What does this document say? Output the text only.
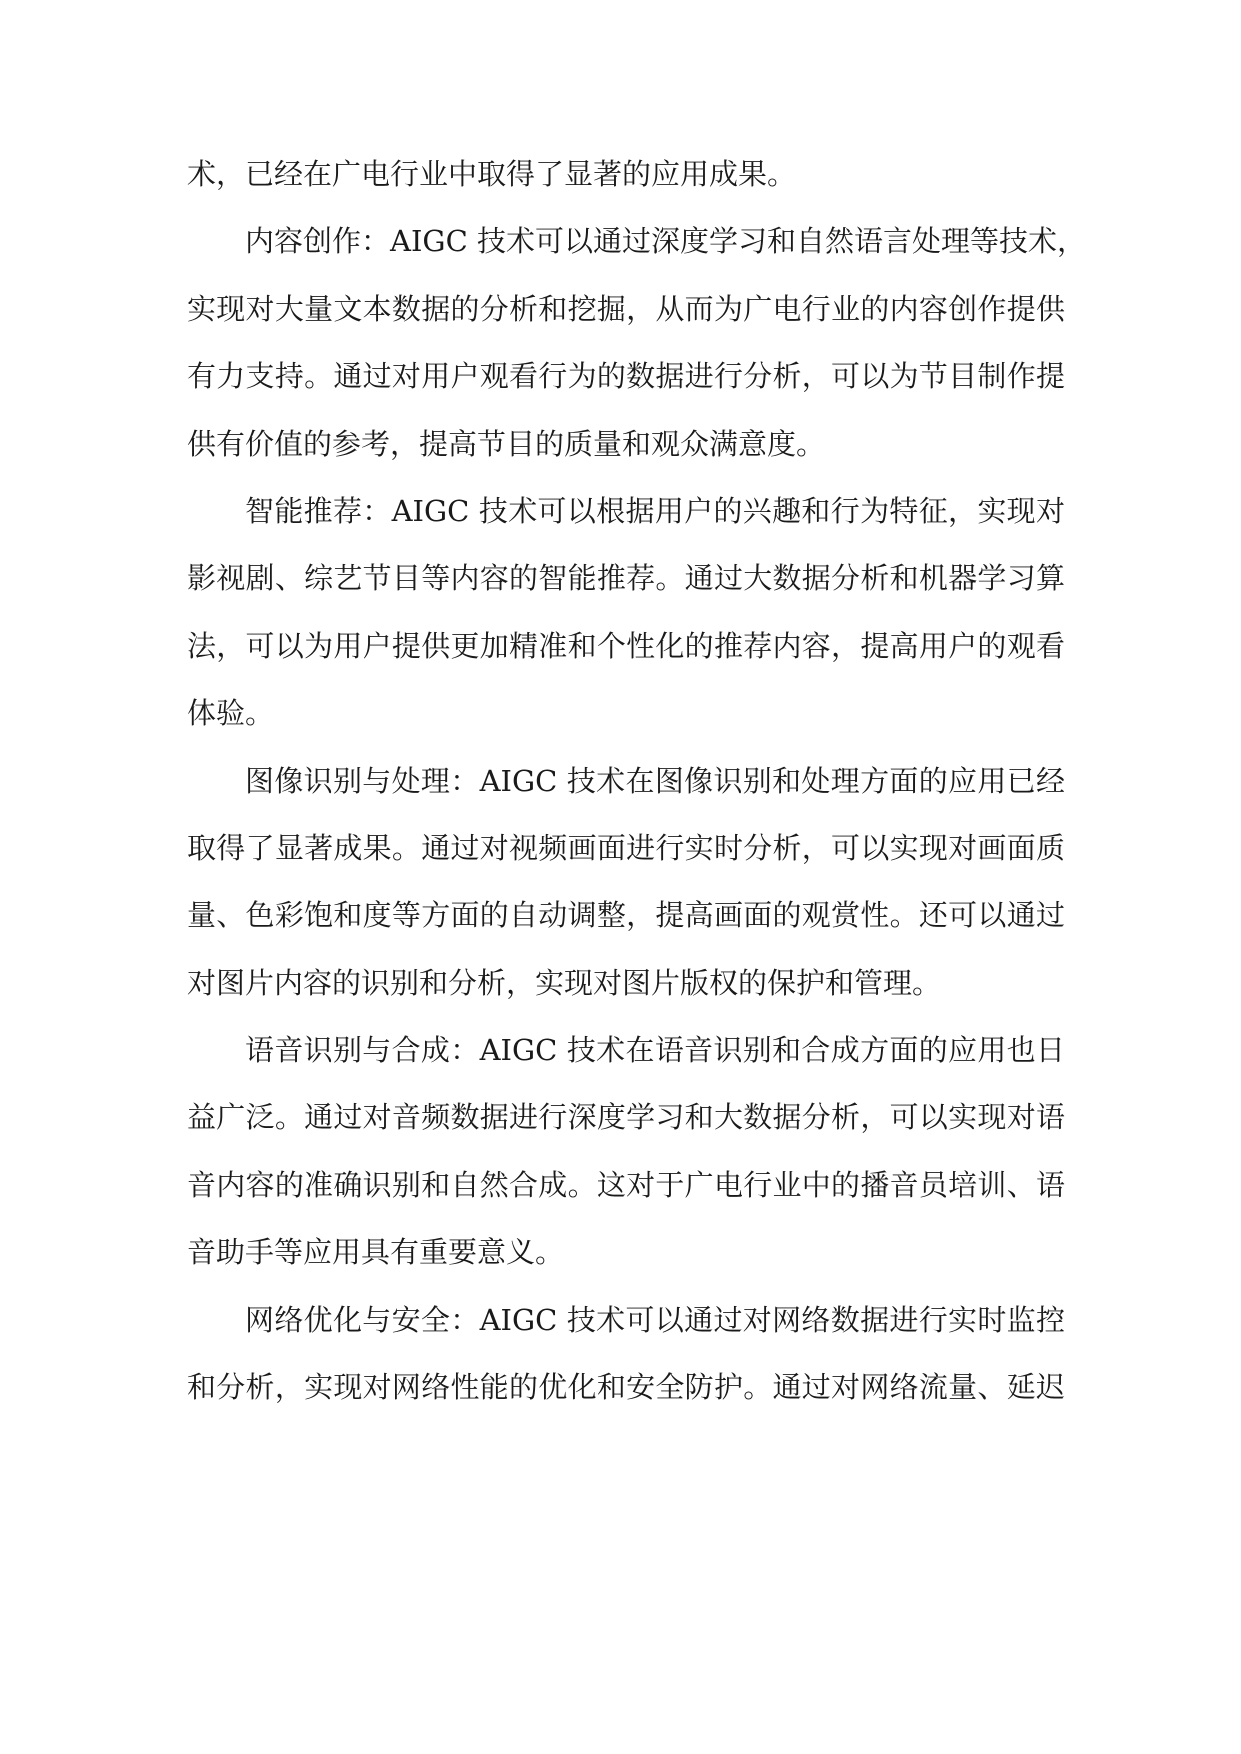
术，已经在广电行业中取得了显著的应用成果。
内容创作：AIGC 技术可以通过深度学习和自然语言处理等技术，
实现对大量文本数据的分析和挖掘，从而为广电行业的内容创作提供
有力支持。通过对用户观看行为的数据进行分析，可以为节目制作提
供有价值的参考，提高节目的质量和观众满意度。
智能推荐：AIGC 技术可以根据用户的兴趣和行为特征，实现对
影视剧、综艺节目等内容的智能推荐。通过大数据分析和机器学习算
法，可以为用户提供更加精准和个性化的推荐内容，提高用户的观看
体验。
图像识别与处理：AIGC 技术在图像识别和处理方面的应用已经
取得了显著成果。通过对视频画面进行实时分析，可以实现对画面质
量、色彩饱和度等方面的自动调整，提高画面的观赏性。还可以通过
对图片内容的识别和分析，实现对图片版权的保护和管理。
语音识别与合成：AIGC 技术在语音识别和合成方面的应用也日
益广泛。通过对音频数据进行深度学习和大数据分析，可以实现对语
音内容的准确识别和自然合成。这对于广电行业中的播音员培训、语
音助手等应用具有重要意义。
网络优化与安全：AIGC 技术可以通过对网络数据进行实时监控
和分析，实现对网络性能的优化和安全防护。通过对网络流量、延迟
